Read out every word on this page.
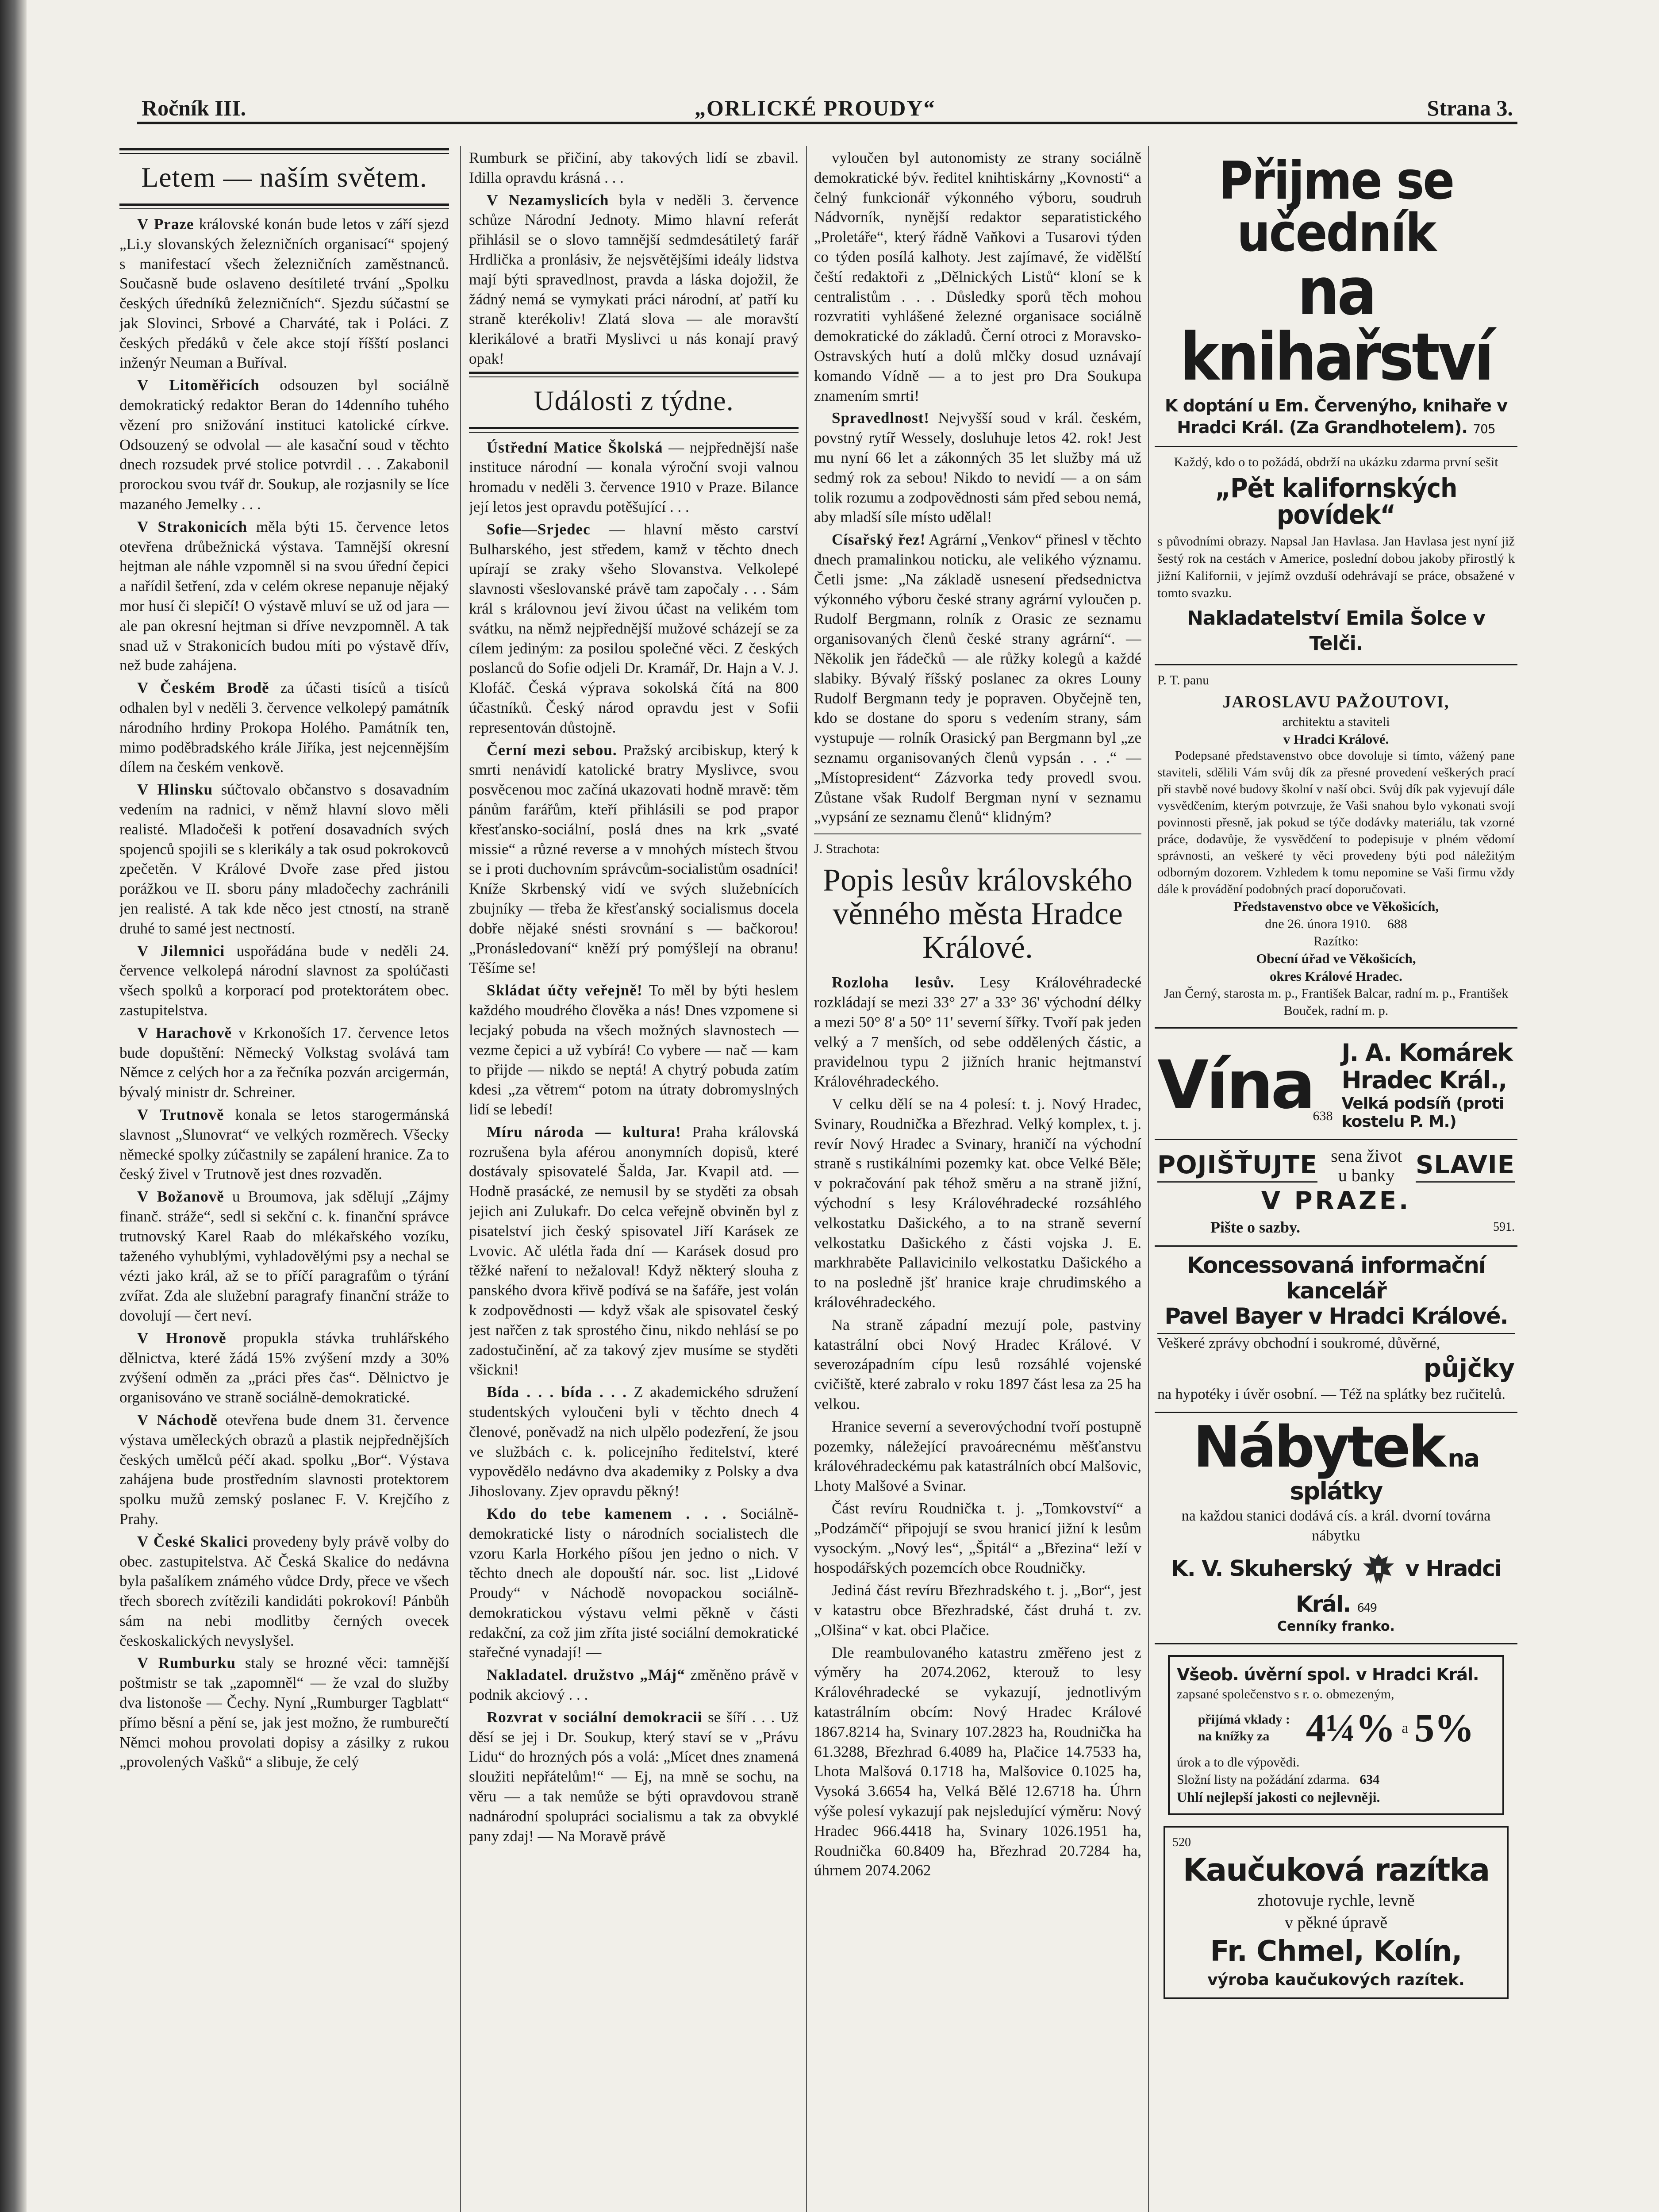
Ročník III.	„ORLICKÉ PROUDY“	Strana 3.
Letem — naším světem.

V Praze královské konán bude letos v září sjezd „Li.y slovanských železničních organisací“ spojený s manifestací všech železničních zaměstnanců. Současně bude oslaveno desítileté trvání „Spolku českých úředníků železničních“. Sjezdu súčastní se jak Slovinci, Srbové a Charváté, tak i Poláci. Z českých předáků v čele akce stojí říšští poslanci inženýr Neuman a Buříval.

V Litoměřicích odsouzen byl sociálně demokratický redaktor Beran do 14denního tuhého vězení pro snižování instituci katolické církve. Odsouzený se odvolal — ale kasační soud v těchto dnech rozsudek prvé stolice potvrdil . . . Zakabonil prorockou svou tvář dr. Soukup, ale rozjasnily se líce mazaného Jemelky . . .

V Strakonicích měla býti 15. července letos otevřena drůbežnická výstava. Tamnější okresní hejtman ale náhle vzpomněl si na svou úřední čepici a nařídil šetření, zda v celém okrese nepanuje nějaký mor husí či slepičí! O výstavě mluví se už od jara — ale pan okresní hejtman si dříve nevzpomněl. A tak snad už v Strakonicích budou míti po výstavě dřív, než bude zahájena.

V Českém Brodě za účasti tisíců a tisíců odhalen byl v neděli 3. července velkolepý památník národního hrdiny Prokopa Holého. Památník ten, mimo poděbradského krále Jiříka, jest nejcennějším dílem na českém venkově.

V Hlinsku súčtovalo občanstvo s dosavadním vedením na radnici, v němž hlavní slovo měli realisté. Mladočeši k potření dosavadních svých spojenců spojili se s klerikály a tak osud pokrokovců zpečetěn. V Králové Dvoře zase před jistou porážkou ve II. sboru pány mladočechy zachránili jen realisté. A tak kde něco jest ctností, na straně druhé to samé jest nectností.

V Jilemnici uspořádána bude v neděli 24. července velkolepá národní slavnost za spolúčasti všech spolků a korporací pod protektorátem obec. zastupitelstva.

V Harachově v Krkonoších 17. července letos bude dopuštění: Německý Volkstag svolává tam Němce z celých hor a za řečníka pozván arcigermán, bývalý ministr dr. Schreiner.

V Trutnově konala se letos starogermánská slavnost „Slunovrat“ ve velkých rozměrech. Všecky německé spolky zúčastnily se zapálení hranice. Za to český živel v Trutnově jest dnes rozvaděn.

V Božanově u Broumova, jak sdělují „Zájmy finanč. stráže“, sedl si sekční c. k. finanční správce trutnovský Karel Raab do mlékařského vozíku, taženého vyhublými, vyhladovělými psy a nechal se vézti jako král, až se to příčí paragrafům o týrání zvířat. Zda ale služební paragrafy finanční stráže to dovolují — čert neví.

V Hronově propukla stávka truhlářského dělnictva, které žádá 15% zvýšení mzdy a 30% zvýšení odměn za „práci přes čas“. Dělnictvo je organisováno ve straně sociálně-demokratické.

V Náchodě otevřena bude dnem 31. července výstava uměleckých obrazů a plastik nejpřednějších českých umělců péčí akad. spolku „Bor“. Výstava zahájena bude prostředním slavnosti protektorem spolku mužů zemský poslanec F. V. Krejčího z Prahy.

V České Skalici provedeny byly právě volby do obec. zastupitelstva. Ač Česká Skalice do nedávna byla pašalíkem známého vůdce Drdy, přece ve všech třech sborech zvítězili kandidáti pokrokoví! Pánbůh sám na nebi modlitby černých ovecek českoskalických nevyslyšel.

V Rumburku staly se hrozné věci: tamnější poštmistr se tak „zapomněl“ — že vzal do služby dva listonoše — Čechy. Nyní „Rumburger Tagblatt“ přímo běsní a pění se, jak jest možno, že rumburečtí Němci mohou provolati dopisy a zásilky z rukou „provolených Vašků“ a slibuje, že celý

Rumburk se přičiní, aby takových lidí se zbavil. Idilla opravdu krásná . . .

V Nezamyslicích byla v neděli 3. července schůze Národní Jednoty. Mimo hlavní referát přihlásil se o slovo tamnější sedmdesátiletý farář Hrdlička a pronlásiv, že nejsvětějšími ideály lidstva mají býti spravedlnost, pravda a láska dojožil, že žádný nemá se vymykati práci národní, ať patří ku straně kterékoliv! Zlatá slova — ale moravští klerikálové a bratři Myslivci u nás konají pravý opak!

Události z týdne.

Ústřední Matice Školská — nejpřednější naše instituce národní — konala výroční svoji valnou hromadu v neděli 3. července 1910 v Praze. Bilance její letos jest opravdu potěšující . . .

Sofie—Srjedec — hlavní město carství Bulharského, jest středem, kamž v těchto dnech upírají se zraky všeho Slovanstva. Velkolepé slavnosti všeslovanské právě tam započaly . . . Sám král s královnou jeví živou účast na velikém tom svátku, na němž nejpřednější mužové scházejí se za cílem jediným: za posilou společné věci. Z českých poslanců do Sofie odjeli Dr. Kramář, Dr. Hajn a V. J. Klofáč. Česká výprava sokolská čítá na 800 účastníků. Český národ opravdu jest v Sofii representován důstojně.

Černí mezi sebou. Pražský arcibiskup, který k smrti nenávidí katolické bratry Myslivce, svou posvěcenou moc začíná ukazovati hodně mravě: těm pánům farářům, kteří přihlásili se pod prapor křesťansko-sociální, poslá dnes na krk „svaté missie“ a různé reverse a v mnohých místech štvou se i proti duchovním správcům-socialistům osadníci! Kníže Skrbenský vidí ve svých služebnících zbujníky — třeba že křesťanský socialismus docela dobře nějaké snésti srovnání s — bačkorou! „Pronásledovaní“ kněží prý pomýšlejí na obranu! Těšíme se!

Skládat účty veřejně! To měl by býti heslem každého moudrého člověka a nás! Dnes vzpomene si lecjaký pobuda na všech možných slavnostech — vezme čepici a už vybírá! Co vybere — nač — kam to přijde — nikdo se neptá! A chytrý pobuda zatím kdesi „za větrem“ potom na útraty dobromyslných lidí se lebedí!

Míru národa — kultura! Praha královská rozrušena byla aférou anonymních dopisů, které dostávaly spisovatelé Šalda, Jar. Kvapil atd. — Hodně prasácké, ze nemusil by se styděti za obsah jejich ani Zulukafr. Do celca veřejně obviněn byl z pisatelství jich český spisovatel Jiří Karásek ze Lvovic. Ač ulétla řada dní — Karásek dosud pro těžké naření to nežaloval! Když některý slouha z panského dvora křivě podívá se na šafáře, jest volán k zodpovědnosti — když však ale spisovatel český jest nařčen z tak sprostého činu, nikdo nehlásí se po zadostučinění, ač za takový zjev musíme se styděti všickni!

Bída . . . bída . . . Z akademického sdružení studentských vyloučeni byli v těchto dnech 4 členové, poněvadž na nich ulpělo podezření, že jsou ve službách c. k. policejního ředitelství, které vypovědělo nedávno dva akademiky z Polsky a dva Jihoslovany. Zjev opravdu pěkný!

Kdo do tebe kamenem . . . Sociálně-demokratické listy o národních socialistech dle vzoru Karla Horkého píšou jen jedno o nich. V těchto dnech ale dopouští nár. soc. list „Lidové Proudy“ v Náchodě novopackou sociálně-demokratickou výstavu velmi pěkně v části redakční, za což jim zříta jisté sociální demokratické stařečné vynadají! —

Nakladatel. družstvo „Máj“ změněno právě v podnik akciový . . .

Rozvrat v sociální demokracii se šíří . . . Už děsí se jej i Dr. Soukup, který staví se v „Právu Lidu“ do hrozných pós a volá: „Mícet dnes znamená sloužiti nepřátelům!“ — Ej, na mně se sochu, na věru — a tak nemůže se býti opravdovou straně nadnárodní spolupráci socialismu a tak za obvyklé pany zdaj! — Na Moravě právě

vyloučen byl autonomisty ze strany sociálně demokratické býv. ředitel knihtiskárny „Kovnosti“ a čelný funkcionář výkonného výboru, soudruh Nádvorník, nynější redaktor separatistického „Proletáře“, který řádně Vaňkovi a Tusarovi týden co týden posílá kalhoty. Jest zajímavé, že vidělští čeští redaktoři z „Dělnických Listů“ kloní se k centralistům . . . Důsledky sporů těch mohou rozvratiti vyhlášené železné organisace sociálně demokratické do základů. Černí otroci z Moravsko-Ostravských hutí a dolů mlčky dosud uznávají komando Vídně — a to jest pro Dra Soukupa znamením smrti!

Spravedlnost! Nejvyšší soud v král. českém, povstný rytíř Wessely, dosluhuje letos 42. rok! Jest mu nyní 66 let a zákonných 35 let služby má už sedmý rok za sebou! Nikdo to nevidí — a on sám tolik rozumu a zodpovědnosti sám před sebou nemá, aby mladší síle místo udělal!

Císařský řez! Agrární „Venkov“ přinesl v těchto dnech pramalinkou noticku, ale velikého významu. Četli jsme: „Na základě usnesení předsednictva výkonného výboru české strany agrární vyloučen p. Rudolf Bergmann, rolník z Orasic ze seznamu organisovaných členů české strany agrární“. — Několik jen řádečků — ale růžky kolegů a každé slabiky. Bývalý říšský poslanec za okres Louny Rudolf Bergmann tedy je popraven. Obyčejně ten, kdo se dostane do sporu s vedením strany, sám vystupuje — rolník Orasický pan Bergmann byl „ze seznamu organisovaných členů vypsán . . .“ — „Místopresident“ Zázvorka tedy provedl svou. Zůstane však Rudolf Bergman nyní v seznamu „vypsání ze seznamu členů“ klidným?

J. Strachota:
Popis lesův královského věnného města Hradce Králové.

Rozloha lesův. Lesy Královéhradecké rozkládají se mezi 33° 27' a 33° 36' východní délky a mezi 50° 8' a 50° 11' severní šířky. Tvoří pak jeden velký a 7 menších, od sebe oddělených částic, a pravidelnou typu 2 jižních hranic hejtmanství Královéhradeckého.

V celku dělí se na 4 polesí: t. j. Nový Hradec, Svinary, Roudnička a Březhrad. Velký komplex, t. j. revír Nový Hradec a Svinary, hraničí na východní straně s rustikálními pozemky kat. obce Velké Běle; v pokračování pak téhož směru a na straně jižní, východní s lesy Královéhradecké rozsáhlého velkostatku Dašického, a to na straně severní velkostatku Dašického z části vojska J. E. markhraběte Pallavicinilo velkostatku Dašického a to na posledně jšť hranice kraje chrudimského a královéhradeckého.

Na straně západní mezují pole, pastviny katastrální obci Nový Hradec Králové. V severozápadním cípu lesů rozsáhlé vojenské cvičiště, které zabralo v roku 1897 část lesa za 25 ha velkou.

Hranice severní a severovýchodní tvoří postupně pozemky, náležející pravoárecnému měšťanstvu královéhradeckému pak katastrálních obcí Malšovic, Lhoty Malšové a Svinar.

Část revíru Roudnička t. j. „Tomkovství“ a „Podzámčí“ připojují se svou hranicí jižní k lesům vysockým. „Nový les“, „Špitál“ a „Březina“ leží v hospodářských pozemcích obce Roudničky.

Jediná část revíru Březhradského t. j. „Bor“, jest v katastru obce Březhradské, část druhá t. zv. „Olšina“ v kat. obci Plačice.

Dle reambulovaného katastru změřeno jest z výměry ha 2074.2062, kterouž to lesy Královéhradecké se vykazují, jednotlivým katastrálním obcím: Nový Hradec Králové 1867.8214 ha, Svinary 107.2823 ha, Roudnička ha 61.3288, Březhrad 6.4089 ha, Plačice 14.7533 ha, Lhota Malšová 0.1718 ha, Malšovice 0.1025 ha, Vysoká 3.6654 ha, Velká Bělé 12.6718 ha. Úhrn výše polesí vykazují pak nejsledující výměru: Nový Hradec 966.4418 ha, Svinary 1026.1951 ha, Roudnička 60.8409 ha, Březhrad 20.7284 ha, úhrnem 2074.2062

Přijme se učedník
na knihařství
K doptání u Em. Červenýho, knihaře v Hradci Král. (Za Grandhotelem). 705
Každý, kdo o to požádá, obdrží na ukázku zdarma první sešit
„Pět kalifornských povídek“
s původními obrazy. Napsal Jan Havlasa. Jan Havlasa jest nyní již šestý rok na cestách v Americe, poslední dobou jakoby přirostlý k jižní Kalifornii, v jejímž ovzduší odehrávají se práce, obsažené v tomto svazku.
Nakladatelství Emila Šolce v Telči.
P. T. panu
JAROSLAVU PAŽOUTOVI,
architektu a staviteli
v Hradci Králové.
Podepsané představenstvo obce dovoluje si tímto, vážený pane staviteli, sdělili Vám svůj dík za přesné provedení veškerých prací při stavbě nové budovy školní v naší obci. Svůj dík pak vyjevují dále vysvědčením, kterým potvrzuje, že Vaši snahou bylo vykonati svojí povinnosti přesně, jak pokud se týče dodávky materiálu, tak vzorné práce, dodavůje, že vysvědčení to podepisuje v plném vědomí správnosti, an veškeré ty věci provedeny býti pod náležitým odborným dozorem. Vzhledem k tomu nepomine se Vaši firmu vždy dále k provádění podobných prací doporučovati.
Představenstvo obce ve Věkošicích,
dne 26. února 1910. 688
Razítko:
Obecní úřad ve Věkošicích,
okres Králové Hradec.
Jan Černý, starosta m. p., František Balcar, radní m. p., František Bouček, radní m. p.
Vína 638
J. A. Komárek
Hradec Král.,
Velká podsíň (proti kostelu P. M.)
POJIŠŤUJTE sena život
u banky SLAVIE
V PRAZE.
Pište o sazby.	591.
Koncessovaná informační kancelář
Pavel Bayer v Hradci Králové.
Veškeré zprávy obchodní i soukromé, důvěrné,
půjčky
na hypotéky i úvěr osobní. — Též na splátky bez ručitelů.
Nábytek na splátky
na každou stanici dodává cís. a král. dvorní továrna nábytku
K. V. Skuherský v Hradci Král. 649
Cenníky franko.
Všeob. úvěrní spol. v Hradci Král.
zapsané společenstvo s r. o. obmezeným,
přijímá vklady : na knížky za 4¼% a 5%
úrok a to dle výpovědi.
Složní listy na požádání zdarma. 634
Uhlí nejlepší jakosti co nejlevněji.
520
Kaučuková razítka
zhotovuje rychle, levně
v pěkné úpravě
Fr. Chmel, Kolín,
výroba kaučukových razítek.
